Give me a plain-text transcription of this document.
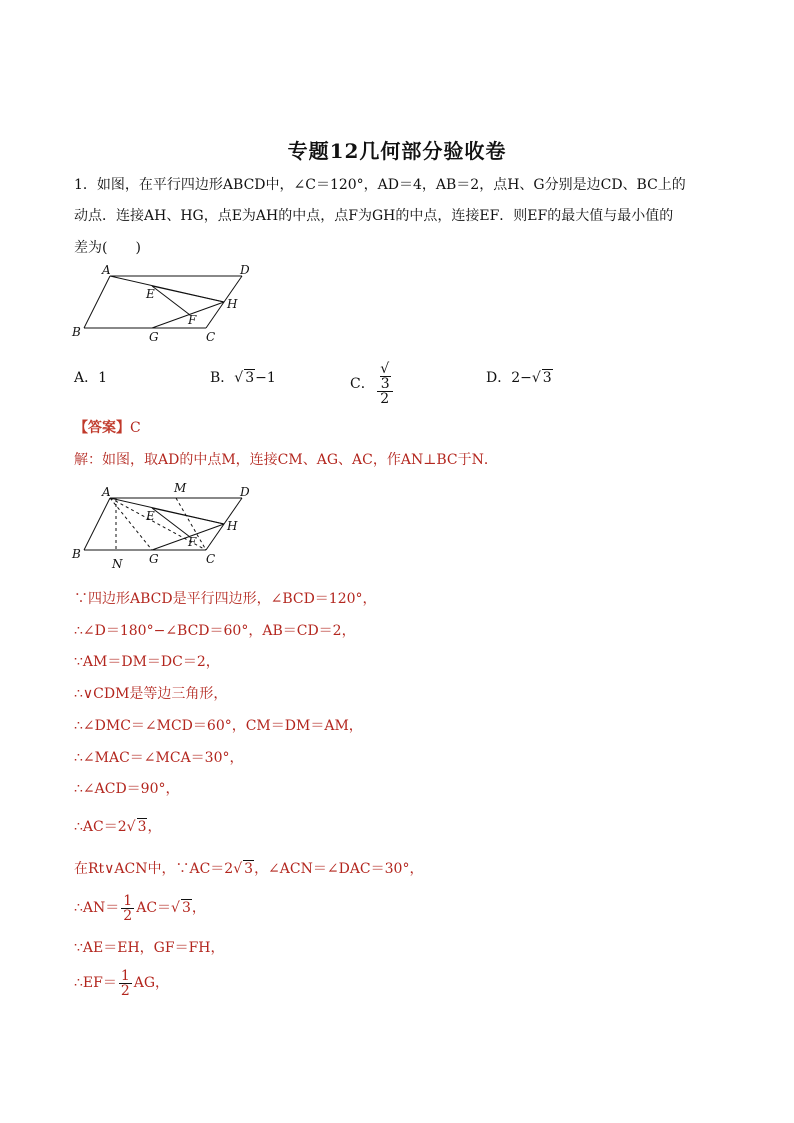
专题12几何部分验收卷
1．如图，在平行四边形ABCD中，∠C＝120°，AD＝4，AB＝2，点H、G分别是边CD、BC上的
动点．连接AH、HG，点E为AH的中点，点F为GH的中点，连接EF．则EF的最大值与最小值的
差为(　　)
A	D
E
H
B	G
F
C
A．1	B．√ 3−1	C． √
3
2	D．2−√ 3
【答案】C
解：如图，取AD的中点M，连接CM、AG、AC，作AN⊥BC于N．
A	M	D
E
H
B	G
F
C
N
∵四边形ABCD是平行四边形，∠BCD＝120°，
∴∠D＝180°−∠BCD＝60°，AB＝CD＝2，
∵AM＝DM＝DC＝2，
∴∨CDM是等边三角形，
∴∠DMC＝∠MCD＝60°，CM＝DM＝AM，
∴∠MAC＝∠MCA＝30°，
∴∠ACD＝90°，
∴AC＝2√ 3，
在Rt∨ACN中，∵AC＝2√ 3，∠ACN＝∠DAC＝30°，
∴AN＝ $\frac{1}{2} AC=√$ 3，
∵AE＝EH，GF＝FH，
∴EF＝ $\frac{1}{2}$ AG，
